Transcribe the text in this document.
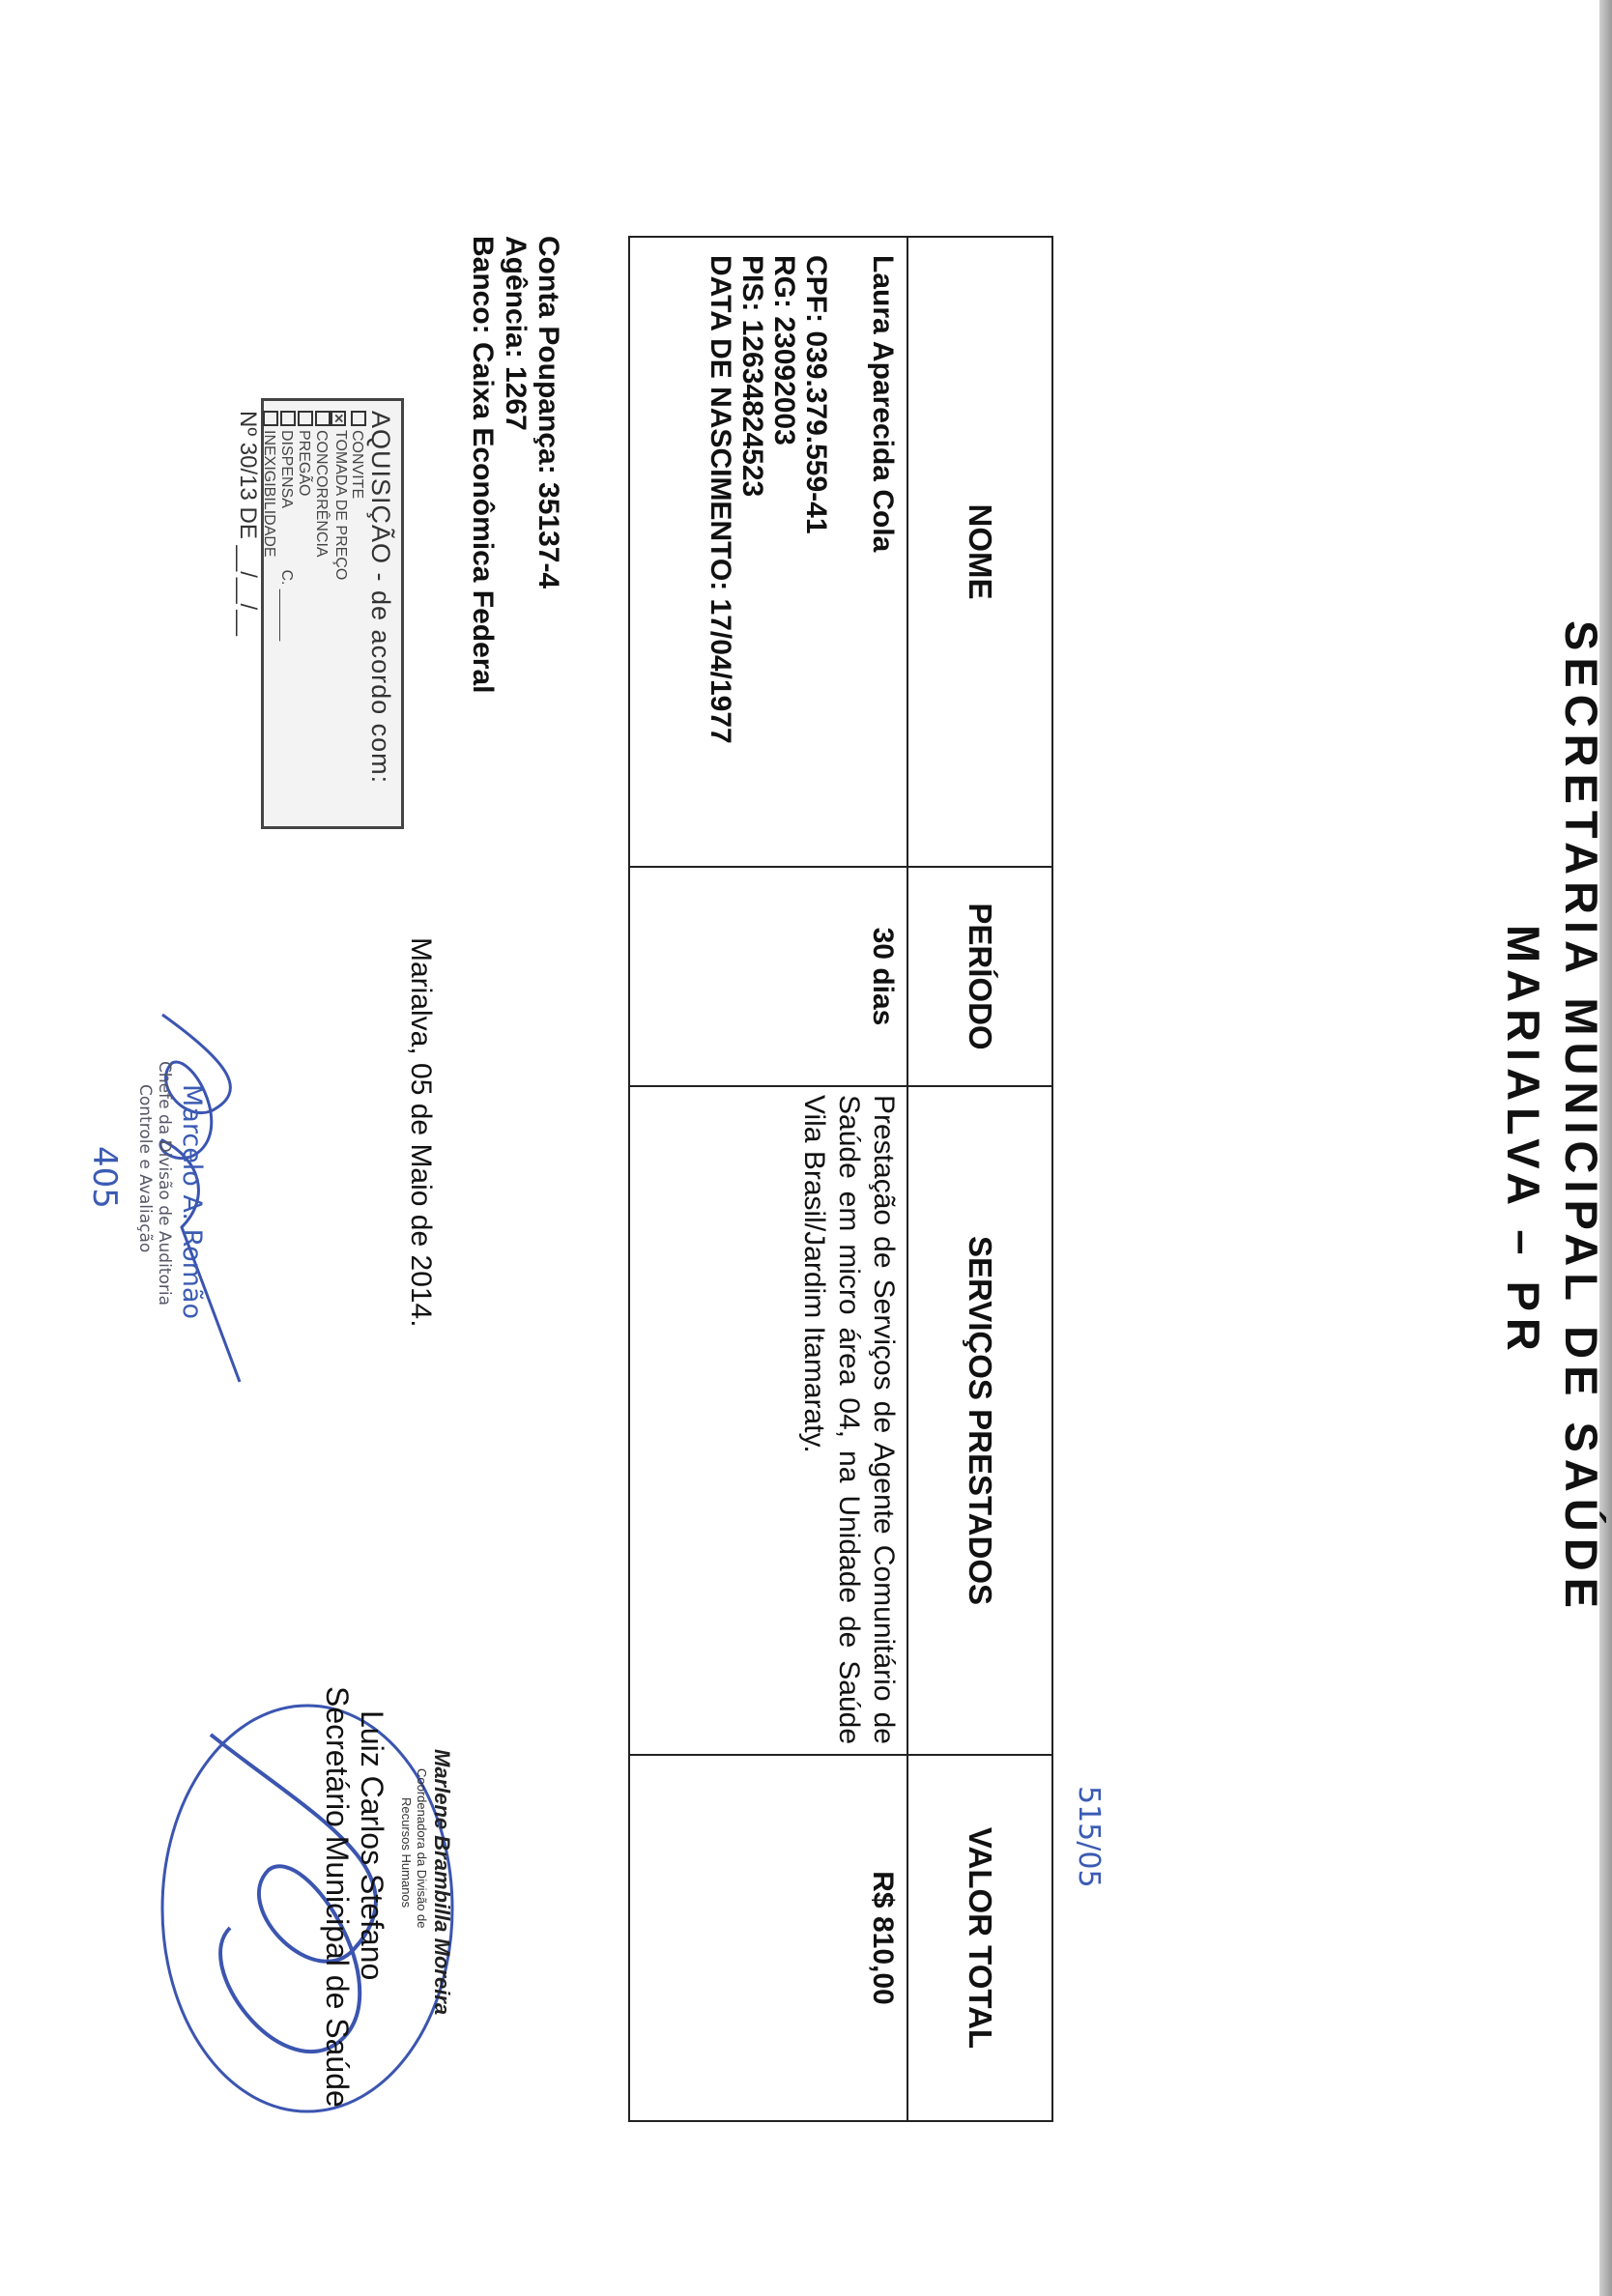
SECRETARIA MUNICIPAL DE SAÚDE
MARIALVA – PR
515/05
NOME	PERÍODO	SERVIÇOS PRESTADOS	VALOR TOTAL

Laura Aparecida Cola
CPF: 039.379.559-41
RG: 23092003
PIS: 12634824523
DATA DE NASCIMENTO: 17/04/1977	30 dias	Prestação de Serviços de Agente Comunitário de Saúde em micro área 04, na Unidade de Saúde Vila Brasil/Jardim Itamaraty.	R$ 810,00
Conta Poupança: 35137-4
Agência: 1267
Banco: Caixa Econômica Federal
AQUISIÇÃO - de acordo com:
CONVITE
✕TOMADA DE PREÇO
CONCORRÊNCIA
PREGÃO
DISPENSA C. ______
INEXIGIBILIDADE
Nº 30/13 DE __/__/__
Marialva, 05 de Maio de 2014.
Marcelo A. Romão
Chefe da Divisão de Auditoria
Controle e Avaliação
405
Luiz Carlos Stefano
Secretário Municipal de Saúde	Marlene Brambilla Moreira
Coordenadora da Divisão de
Recursos Humanos
